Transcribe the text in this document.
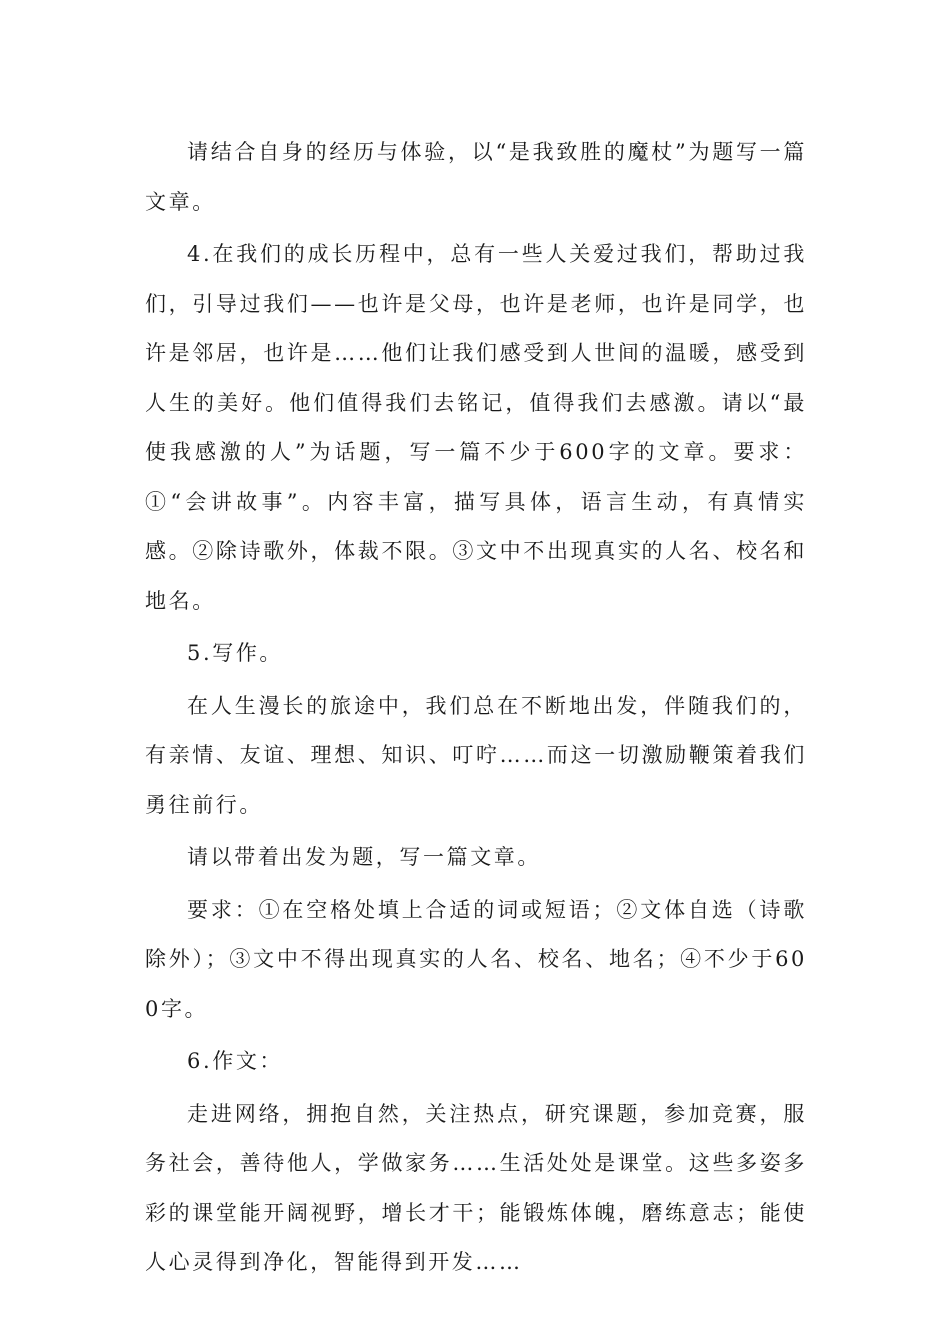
请结合自身的经历与体验，以“是我致胜的魔杖”为题写一篇文章。

4.在我们的成长历程中，总有一些人关爱过我们，帮助过我们，引导过我们——也许是父母，也许是老师，也许是同学，也许是邻居，也许是……他们让我们感受到人世间的温暖，感受到人生的美好。他们值得我们去铭记，值得我们去感激。请以“最使我感激的人”为话题，写一篇不少于600字的文章。要求：①“会讲故事”。内容丰富，描写具体，语言生动，有真情实感。②除诗歌外，体裁不限。③文中不出现真实的人名、校名和地名。

5.写作。

在人生漫长的旅途中，我们总在不断地出发，伴随我们的，有亲情、友谊、理想、知识、叮咛……而这一切激励鞭策着我们勇往前行。

请以带着出发为题，写一篇文章。

要求：①在空格处填上合适的词或短语；②文体自选（诗歌除外）；③文中不得出现真实的人名、校名、地名；④不少于600字。

6.作文：

走进网络，拥抱自然，关注热点，研究课题，参加竞赛，服务社会，善待他人，学做家务……生活处处是课堂。这些多姿多彩的课堂能开阔视野，增长才干；能锻炼体魄，磨练意志；能使人心灵得到净化，智能得到开发……
